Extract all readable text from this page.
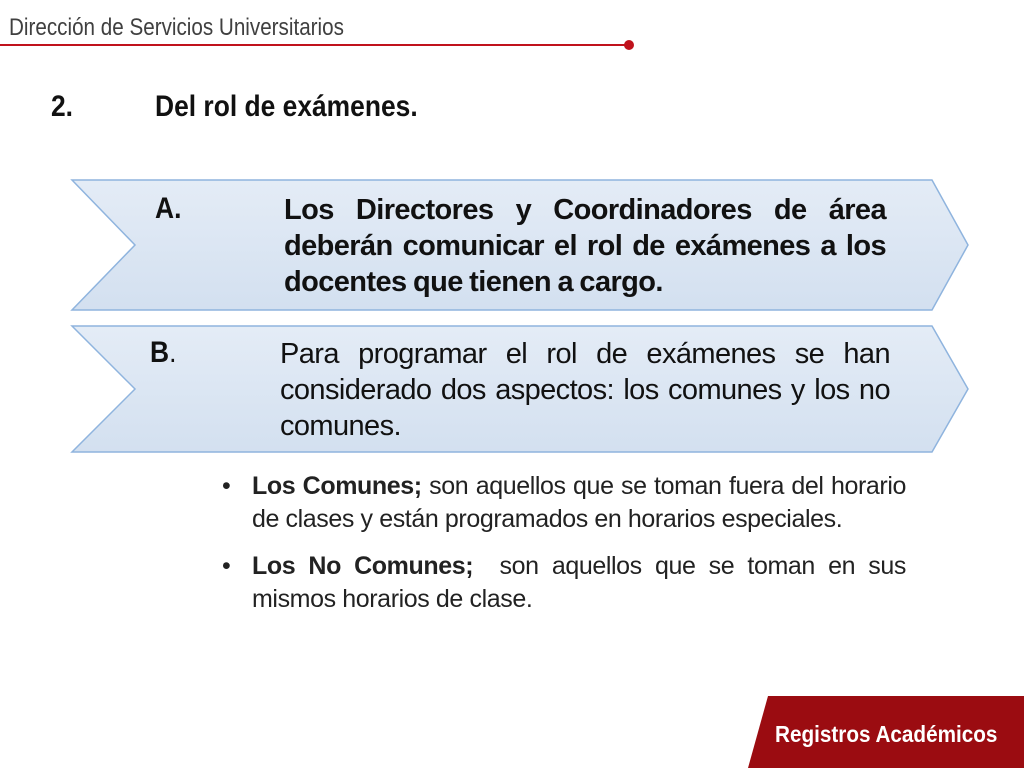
Dirección de Servicios Universitarios
2.	Del rol de exámenes.
A.	Los Directores y Coordinadores de área deberán comunicar el rol de exámenes a los docentes que tienen a cargo.
B.	Para programar el rol de exámenes se han considerado dos aspectos: los comunes y los no comunes.
• Los Comunes; son aquellos que se toman fuera del horario de clases y están programados en horarios especiales.
• Los No Comunes;  son aquellos que se toman en sus mismos horarios de clase.
Registros Académicos
